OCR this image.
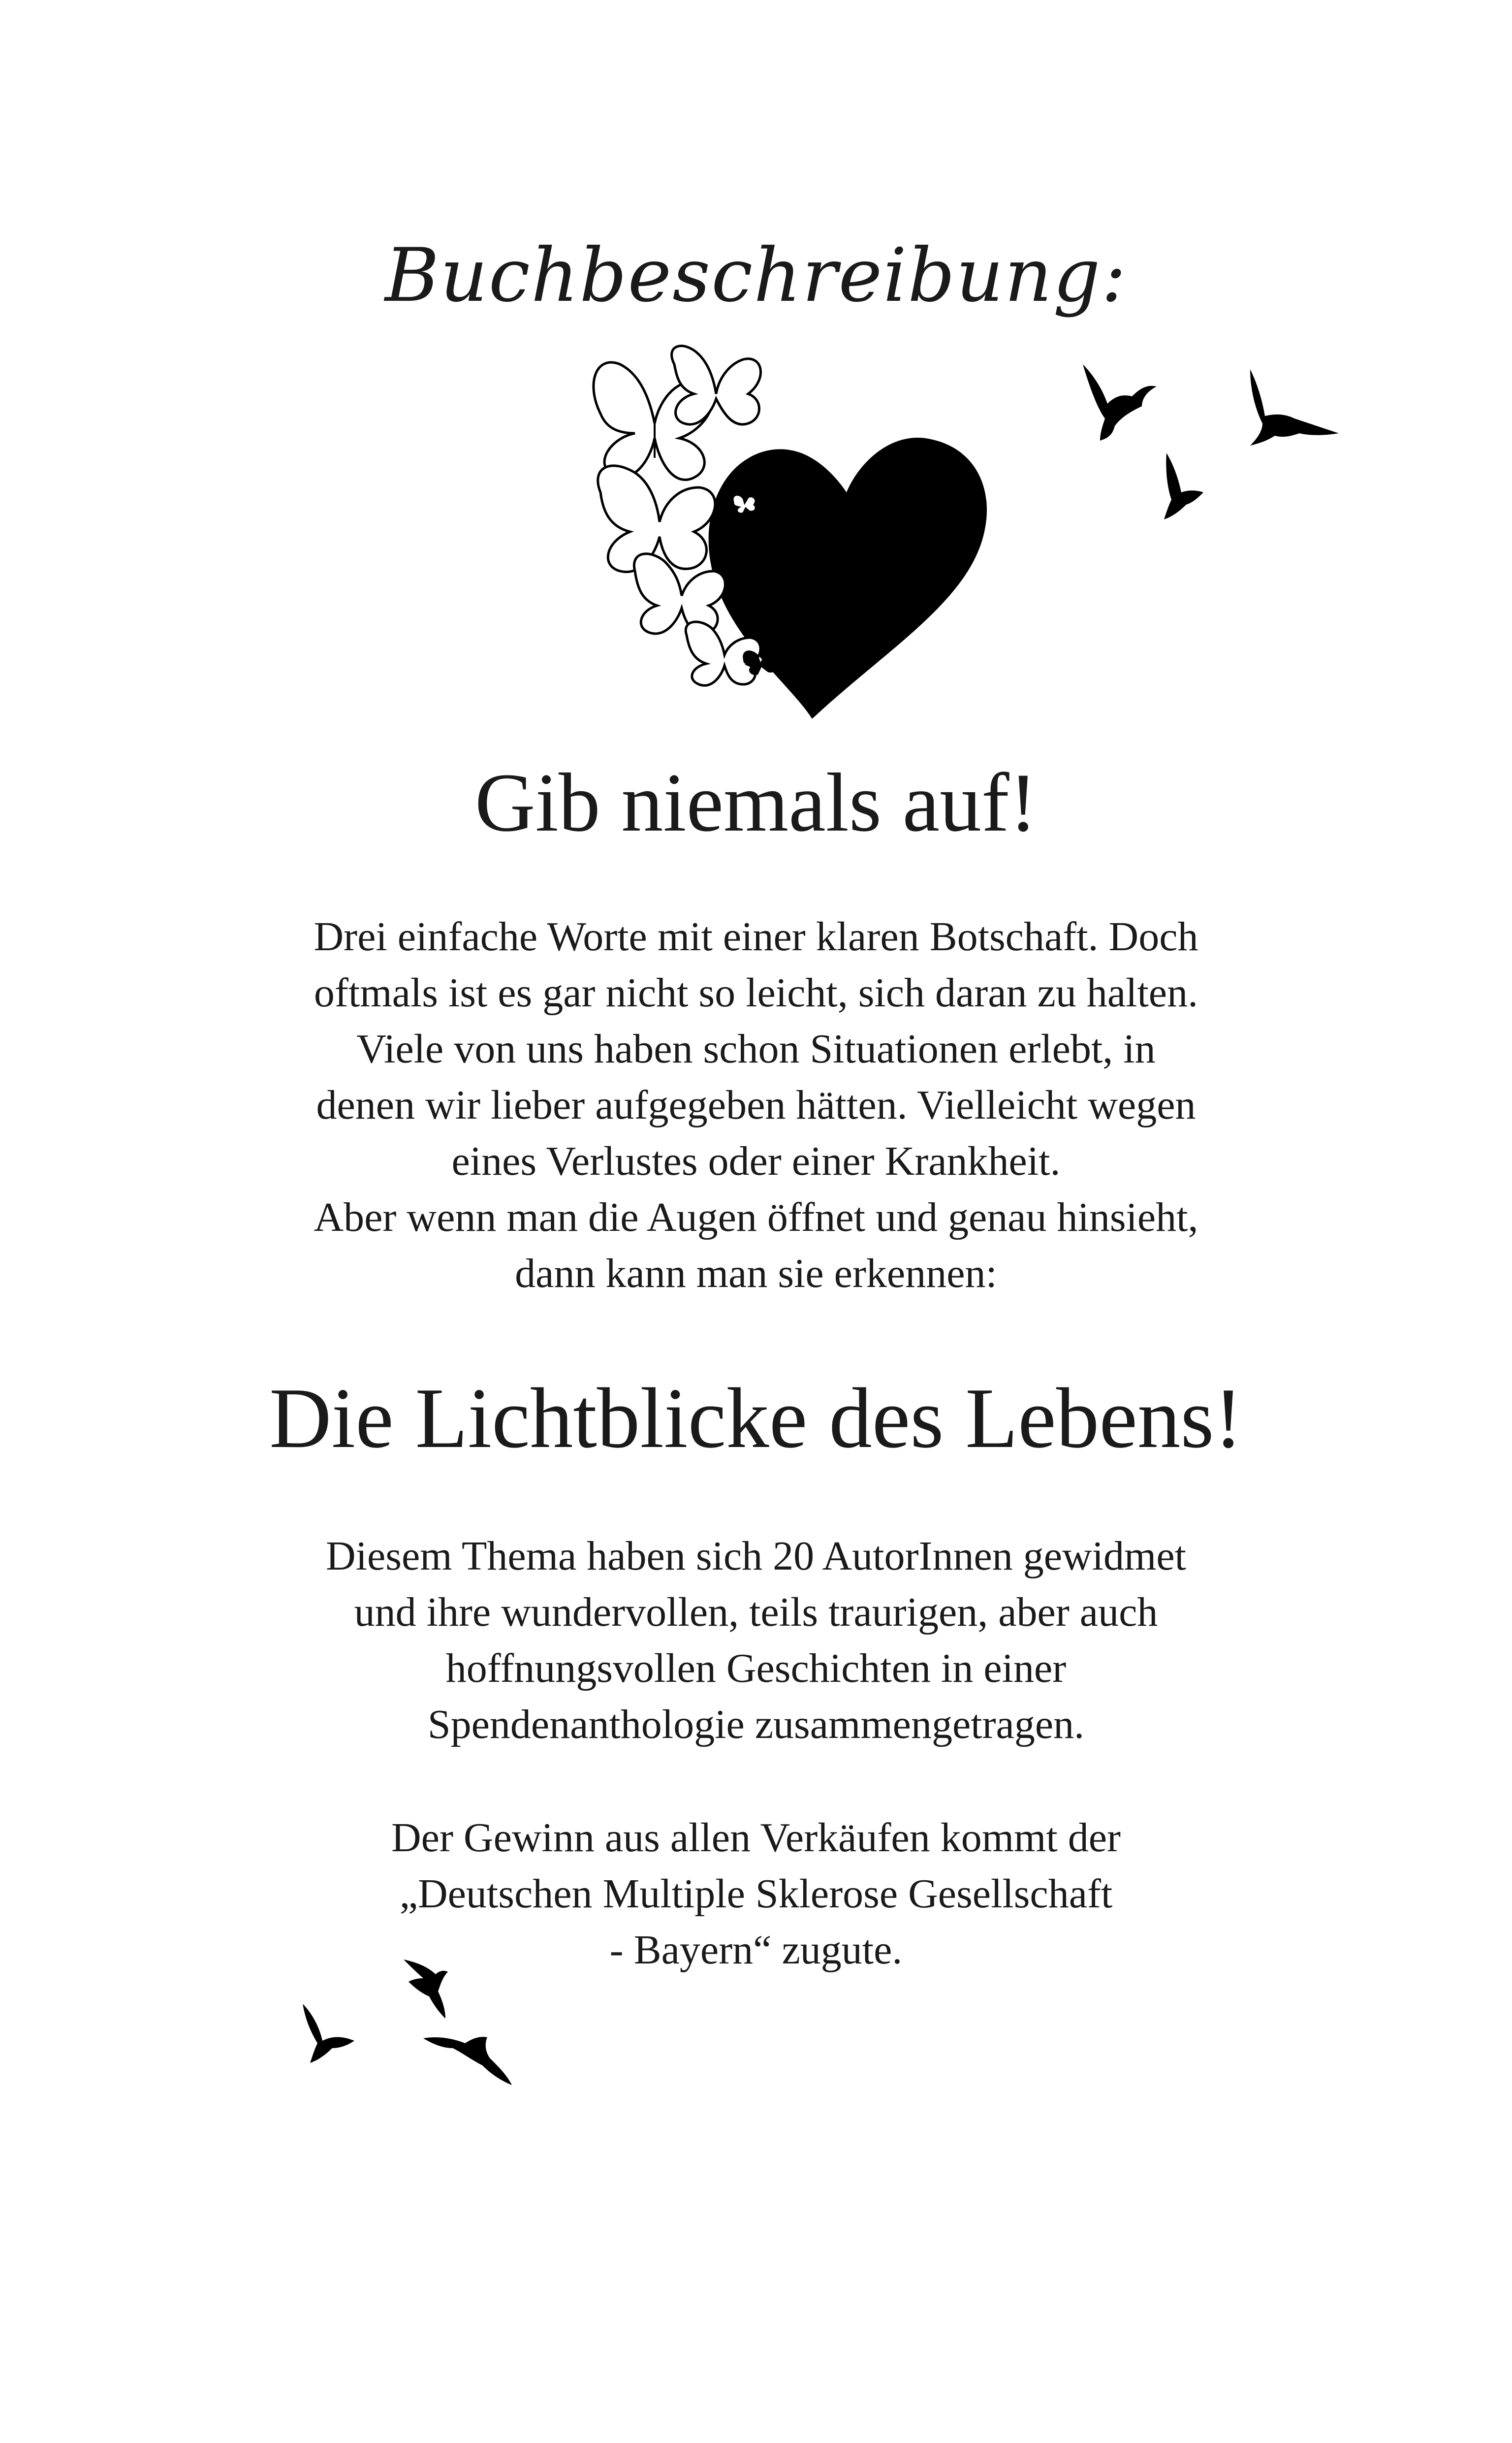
Buchbeschreibung:
Gib niemals auf!

Drei einfache Worte mit einer klaren Botschaft. Doch
oftmals ist es gar nicht so leicht, sich daran zu halten.
Viele von uns haben schon Situationen erlebt, in
denen wir lieber aufgegeben hätten. Vielleicht wegen
eines Verlustes oder einer Krankheit.
Aber wenn man die Augen öffnet und genau hinsieht,
dann kann man sie erkennen:

Die Lichtblicke des Lebens!

Diesem Thema haben sich 20 AutorInnen gewidmet
und ihre wundervollen, teils traurigen, aber auch
hoffnungsvollen Geschichten in einer
Spendenanthologie zusammengetragen.

Der Gewinn aus allen Verkäufen kommt der
„Deutschen Multiple Sklerose Gesellschaft
- Bayern“ zugute.
